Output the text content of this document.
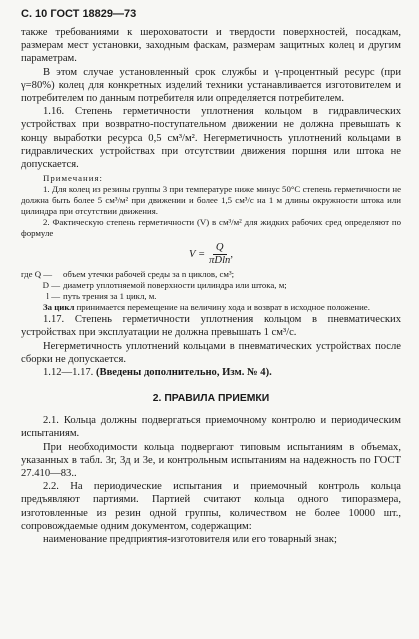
С. 10 ГОСТ 18829—73

также требованиями к шероховатости и твердости поверхностей, посадкам, размерам мест установки, заходным фаскам, размерам защитных колец и другим параметрам.

В этом случае установленный срок службы и γ-процентный ресурс (при γ=80%) колец для конкретных изделий техники устанавливается изготовителем и потребителем по данным потребителя или определяется потребителем.

1.16. Степень герметичности уплотнения кольцом в гидравлических устройствах при возвратно-поступательном движении не должна превышать к концу выработки ресурса 0,5 см³/м². Негерметичность уплотнений кольцами в гидравлических устройствах при отсутствии движения поршня или штока не допускается.

Примечания:

1. Для колец из резины группы 3 при температуре ниже минус 50°С степень герметичности не должна быть более 5 см³/м² при движении и более 1,5 см³/с на 1 м длины окружности штока или цилиндра при отсутствии движения.

2. Фактическую степень герметичности (V) в см³/м² для жидких рабочих сред определяют по формуле

$V = \frac{Q}{\pi Dln}$ ,
где Q —	объем утечки рабочей среды за n циклов, см³;
D — диаметр уплотняемой поверхности цилиндра или штока, м;
l — путь трения за 1 цикл, м.

За цикл принимается перемещение на величину хода и возврат в исходное положение.

1.17. Степень герметичности уплотнения кольцом в пневматических устройствах при эксплуатации не должна превышать 1 см³/с.

Негерметичность уплотнений кольцами в пневматических устройствах после сборки не допускается.

1.12—1.17. (Введены дополнительно, Изм. № 4).

2. ПРАВИЛА ПРИЕМКИ

2.1. Кольца должны подвергаться приемочному контролю и периодическим испытаниям.

При необходимости кольца подвергают типовым испытаниям в объемах, указанных в табл. 3г, 3д и 3е, и контрольным испытаниям на надежность по ГОСТ 27.410—83..

2.2. На периодические испытания и приемочный контроль кольца предъявляют партиями. Партией считают кольца одного типоразмера, изготовленные из резин одной группы, количеством не более 10000 шт., сопровождаемые одним документом, содержащим:

наименование предприятия-изготовителя или его товарный знак;
